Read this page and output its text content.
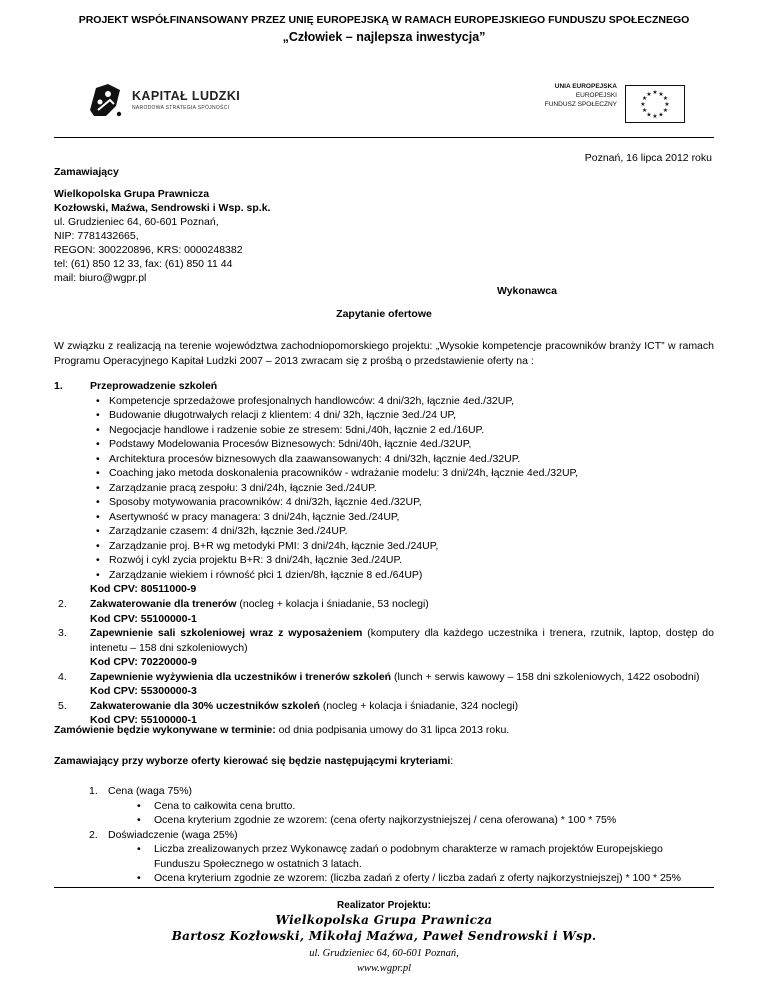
PROJEKT WSPÓŁFINANSOWANY PRZEZ UNIĘ EUROPEJSKĄ W RAMACH EUROPEJSKIEGO FUNDUSZU SPOŁECZNEGO
„Człowiek – najlepsza inwestycja”
KAPITAŁ LUDZKI
NARODOWA STRATEGIA SPÓJNOŚCI
UNIA EUROPEJSKA
EUROPEJSKI
FUNDUSZ SPOŁECZNY
★ ★
★
★
★
★
★
★
★
★
★
★
Poznań, 16 lipca 2012 roku
Zamawiający
Wielkopolska Grupa Prawnicza
Kozłowski, Maźwa, Sendrowski i Wsp. sp.k.
ul. Grudzieniec 64, 60-601 Poznań,
NIP: 7781432665,
REGON: 300220896, KRS: 0000248382
tel: (61) 850 12 33, fax: (61) 850 11 44
mail: biuro@wgpr.pl
Wykonawca
Zapytanie ofertowe
W związku z realizacją na terenie województwa zachodniopomorskiego projektu: „Wysokie kompetencje pracowników branży ICT” w ramach Programu Operacyjnego Kapitał Ludzki 2007 – 2013 zwracam się z prośbą o przedstawienie oferty na :
1.	Przeprowadzenie szkoleń
• Kompetencje sprzedażowe profesjonalnych handlowców: 4 dni/32h, łącznie 4ed./32UP,
• Budowanie długotrwałych relacji z klientem: 4 dni/ 32h, łącznie 3ed./24 UP,
• Negocjacje handlowe i radzenie sobie ze stresem: 5dni,/40h, łącznie 2 ed./16UP.
• Podstawy Modelowania Procesów Biznesowych: 5dni/40h, łącznie 4ed./32UP,
• Architektura procesów biznesowych dla zaawansowanych: 4 dni/32h, łącznie 4ed./32UP.
• Coaching jako metoda doskonalenia pracowników - wdrażanie modelu: 3 dni/24h, łącznie 4ed./32UP,
• Zarządzanie pracą zespołu: 3 dni/24h, łącznie 3ed./24UP.
• Sposoby motywowania pracowników: 4 dni/32h, łącznie 4ed./32UP,
• Asertywność w pracy managera: 3 dni/24h, łącznie 3ed./24UP,
• Zarządzanie czasem: 4 dni/32h, łącznie 3ed./24UP.
• Zarządzanie proj. B+R wg metodyki PMI: 3 dni/24h, łącznie 3ed./24UP,
• Rozwój i cykl zycia projektu B+R: 3 dni/24h, łącznie 3ed./24UP.
• Zarządzanie wiekiem i równość płci 1 dzien/8h, łącznie 8 ed./64UP)
Kod CPV: 80511000-9
2. Zakwaterowanie dla trenerów (nocleg + kolacja i śniadanie, 53 noclegi)
Kod CPV: 55100000-1
3. Zapewnienie sali szkoleniowej wraz z wyposażeniem (komputery dla każdego uczestnika i trenera, rzutnik, laptop, dostęp do intenetu – 158 dni szkoleniowych)
Kod CPV: 70220000-9
4. Zapewnienie wyżywienia dla uczestników i trenerów szkoleń (lunch + serwis kawowy – 158 dni szkoleniowych, 1422 osobodni)
Kod CPV: 55300000-3
5. Zakwaterowanie dla 30% uczestników szkoleń (nocleg + kolacja i śniadanie, 324 noclegi)
Kod CPV: 55100000-1
Zamówienie będzie wykonywane w terminie: od dnia podpisania umowy do 31 lipca 2013 roku.
Zamawiający przy wyborze oferty kierować się będzie następującymi kryteriami:
1. Cena (waga 75%)
• Cena to całkowita cena brutto.
• Ocena kryterium zgodnie ze wzorem: (cena oferty najkorzystniejszej / cena oferowana) * 100 * 75%
2. Doświadczenie (waga 25%)
• Liczba zrealizowanych przez Wykonawcę zadań o podobnym charakterze w ramach projektów Europejskiego
Funduszu Społecznego w ostatnich 3 latach.
• Ocena kryterium zgodnie ze wzorem: (liczba zadań z oferty / liczba zadań z oferty najkorzystniejszej) * 100 * 25%
Realizator Projektu:
Wielkopolska Grupa Prawnicza
Bartosz Kozłowski, Mikołaj Maźwa, Paweł Sendrowski i Wsp.
ul. Grudzieniec 64, 60-601 Poznań,
www.wgpr.pl
